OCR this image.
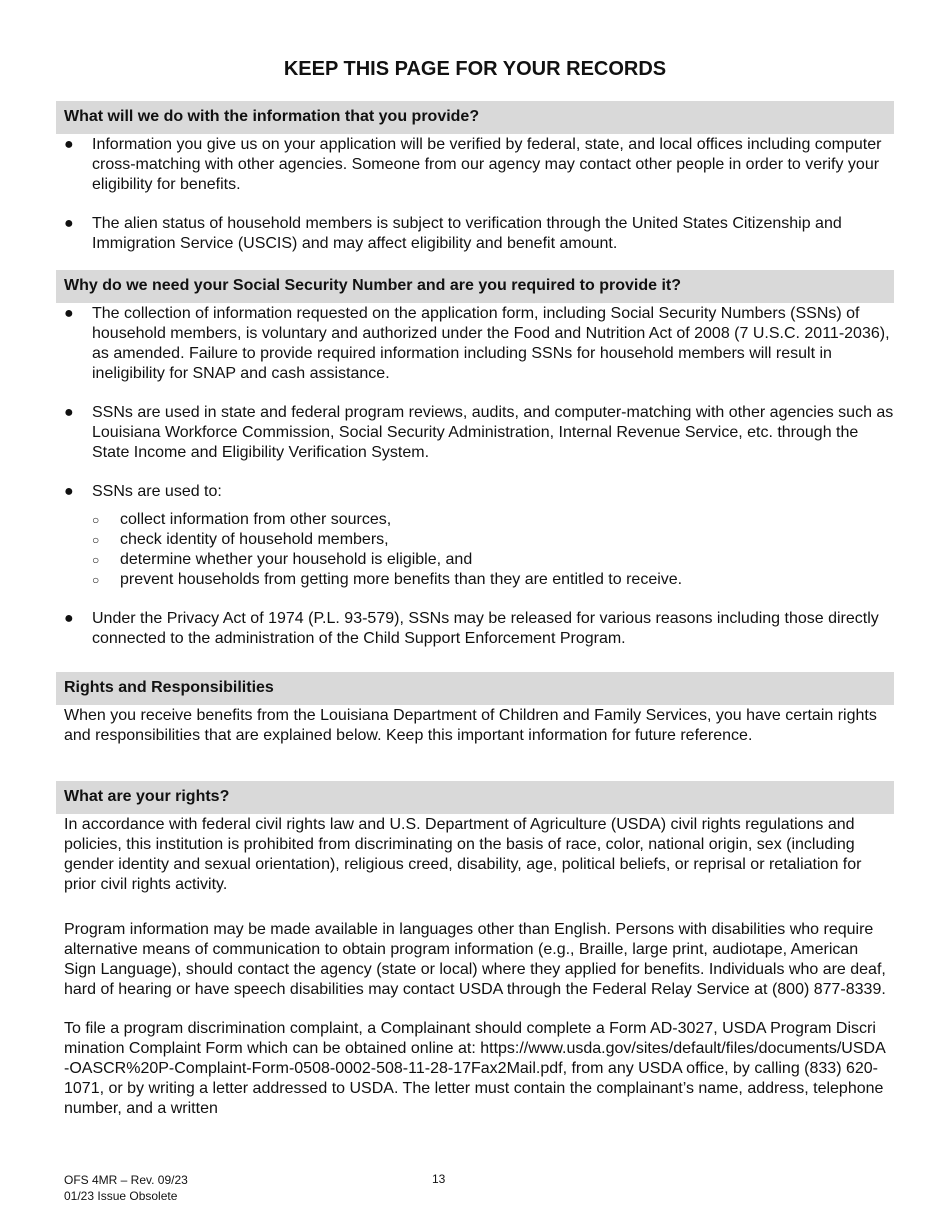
KEEP THIS PAGE FOR YOUR RECORDS
What will we do with the information that you provide?
●	Information you give us on your application will be verified by federal, state, and local offices including computer cross-matching with other agencies. Someone from our agency may contact other people in order to verify your eligibility for benefits.
●	The alien status of household members is subject to verification through the United States Citizenship and Immigration Service (USCIS) and may affect eligibility and benefit amount.
Why do we need your Social Security Number and are you required to provide it?
●	The collection of information requested on the application form, including Social Security Numbers (SSNs) of household members, is voluntary and authorized under the Food and Nutrition Act of 2008 (7 U.S.C. 2011-2036), as amended. Failure to provide required information including SSNs for household members will result in ineligibility for SNAP and cash assistance.
●	SSNs are used in state and federal program reviews, audits, and computer-matching with other agencies such as Louisiana Workforce Commission, Social Security Administration, Internal Revenue Service, etc. through the State Income and Eligibility Verification System.
●	SSNs are used to:
○ collect information from other sources,
○ check identity of household members,
○ determine whether your household is eligible, and
○ prevent households from getting more benefits than they are entitled to receive.
●	Under the Privacy Act of 1974 (P.L. 93-579), SSNs may be released for various reasons including those directly connected to the administration of the Child Support Enforcement Program.
Rights and Responsibilities
When you receive benefits from the Louisiana Department of Children and Family Services, you have certain rights and responsibilities that are explained below. Keep this important information for future reference.
What are your rights?
In accordance with federal civil rights law and U.S. Department of Agriculture (USDA) civil rights regulations and policies, this institution is prohibited from discriminating on the basis of race, color, national origin, sex (including gender identity and sexual orientation), religious creed, disability, age, political beliefs, or reprisal or retaliation for prior civil rights activity.
Program information may be made available in languages other than English. Persons with disabilities who require alternative means of communication to obtain program information (e.g., Braille, large print, audiotape, American Sign Language), should contact the agency (state or local) where they applied for benefits. Individuals who are deaf, hard of hearing or have speech disabilities may contact USDA through the Federal Relay Service at (800) 877-8339.
To file a program discrimination complaint, a Complainant should complete a Form AD-3027, USDA Program Discrimination Complaint Form which can be obtained online at: https://www.usda.gov/sites/default/files/documents/USDA-OASCR%20P-Complaint-Form-0508-0002-508-11-28-17Fax2Mail.pdf, from any USDA office, by calling (833) 620-1071, or by writing a letter addressed to USDA. The letter must contain the complainant’s name, address, telephone number, and a written
OFS 4MR – Rev. 09/23
01/23 Issue Obsolete
13
